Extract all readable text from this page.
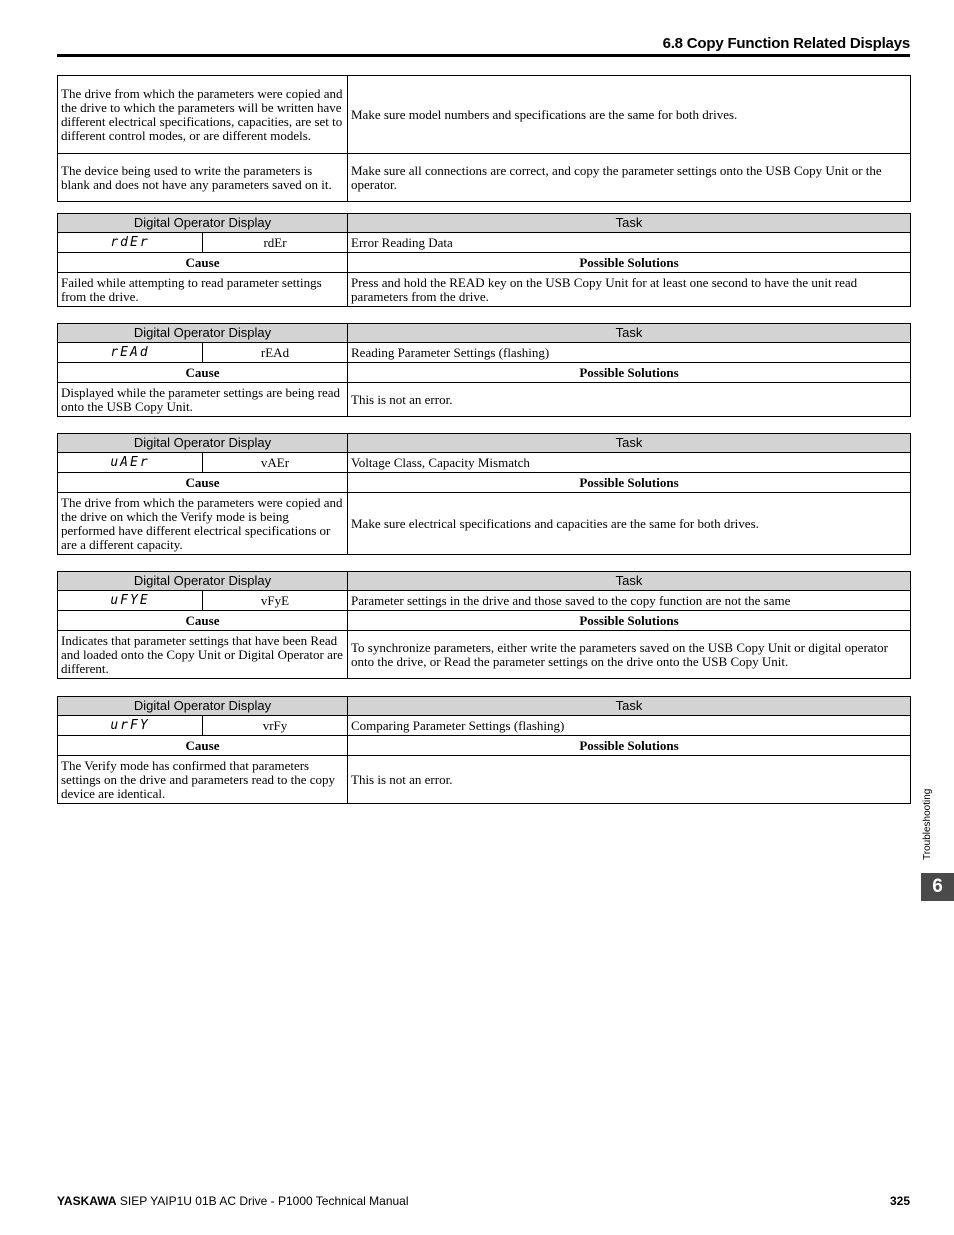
6.8 Copy Function Related Displays
The drive from which the parameters were copied and the drive to which the parameters will be written have different electrical specifications, capacities, are set to different control modes, or are different models.	Make sure model numbers and specifications are the same for both drives.
The device being used to write the parameters is blank and does not have any parameters saved on it.	Make sure all connections are correct, and copy the parameter settings onto the USB Copy Unit or the operator.
Digital Operator Display		Task
rdEr	rdEr	Error Reading Data
Cause		Possible Solutions
Failed while attempting to read parameter settings from the drive.		Press and hold the READ key on the USB Copy Unit for at least one second to have the unit read parameters from the drive.
Digital Operator Display		Task
rEAd	rEAd	Reading Parameter Settings (flashing)
Cause		Possible Solutions
Displayed while the parameter settings are being read onto the USB Copy Unit.		This is not an error.
Digital Operator Display		Task
uAEr	vAEr	Voltage Class, Capacity Mismatch
Cause		Possible Solutions
The drive from which the parameters were copied and the drive on which the Verify mode is being performed have different electrical specifications or are a different capacity.		Make sure electrical specifications and capacities are the same for both drives.
Digital Operator Display		Task
uFYE	vFyE	Parameter settings in the drive and those saved to the copy function are not the same
Cause		Possible Solutions
Indicates that parameter settings that have been Read and loaded onto the Copy Unit or Digital Operator are different.		To synchronize parameters, either write the parameters saved on the USB Copy Unit or digital operator onto the drive, or Read the parameter settings on the drive onto the USB Copy Unit.
Digital Operator Display		Task
urFY	vrFy	Comparing Parameter Settings (flashing)
Cause		Possible Solutions
The Verify mode has confirmed that parameters settings on the drive and parameters read to the copy device are identical.		This is not an error.
Troubleshooting
6
YASKAWA SIEP YAIP1U 01B AC Drive - P1000 Technical Manual	325
